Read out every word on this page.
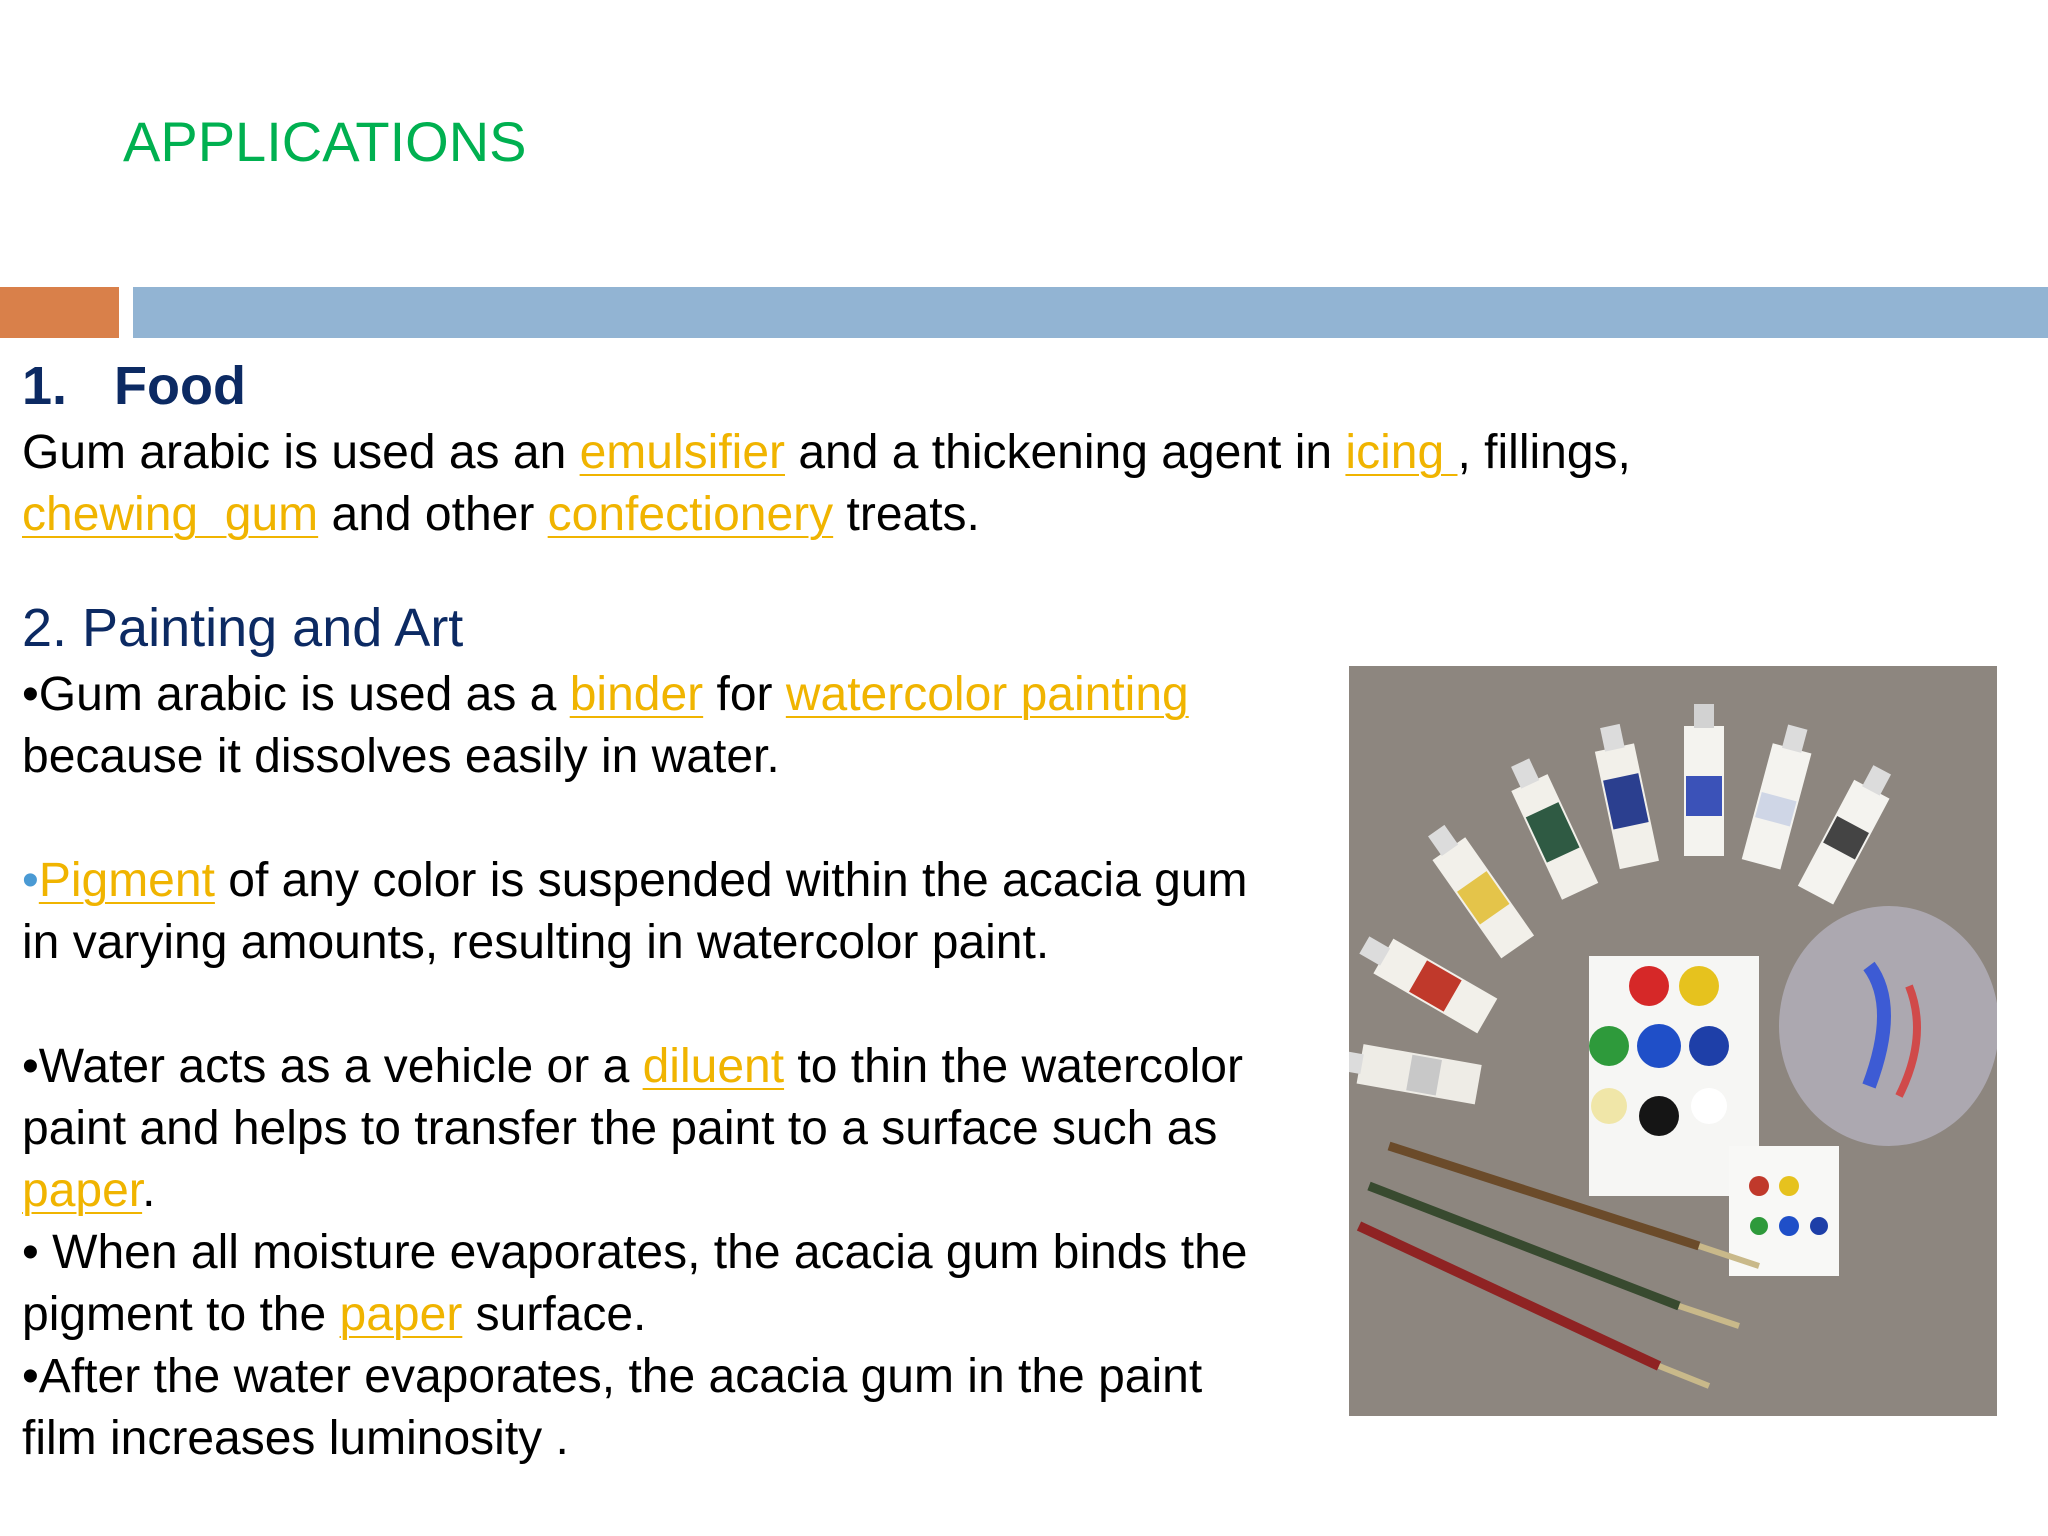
APPLICATIONS
1. Food

Gum arabic is used as an emulsifier and a thickening agent in icing , fillings,
chewing  gum and other confectionery treats.

2. Painting and Art

•Gum arabic is used as a binder for watercolor painting
because it dissolves easily in water.

•Pigment of any color is suspended within the acacia gum
in varying amounts, resulting in watercolor paint.

•Water acts as a vehicle or a diluent to thin the watercolor
paint and helps to transfer the paint to a surface such as
paper.

• When all moisture evaporates, the acacia gum binds the
pigment to the paper surface.

•After the water evaporates, the acacia gum in the paint
film increases luminosity .
